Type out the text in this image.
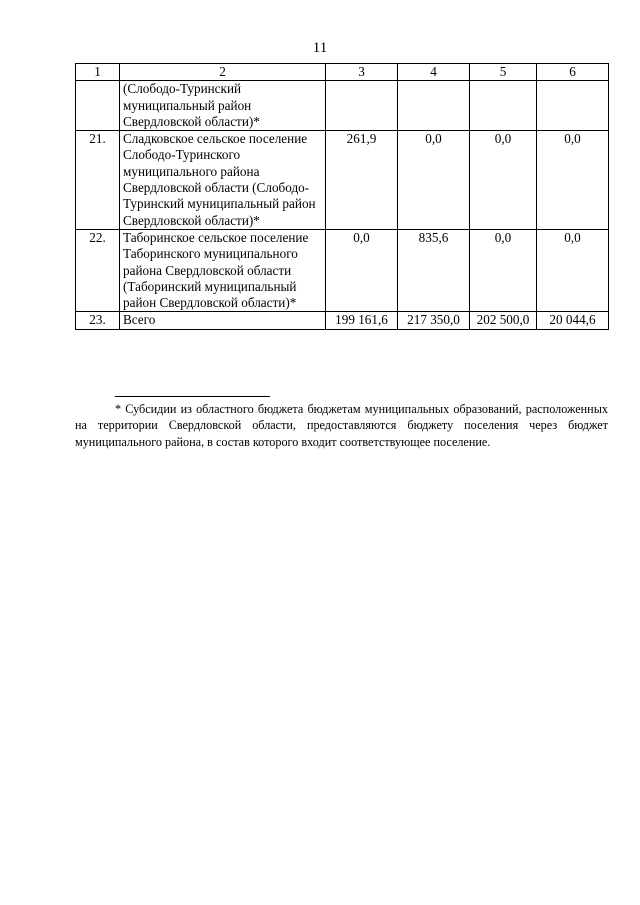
11
1	2	3	4	5	6
	(Слободо-Туринский муниципальный район Свердловской области)*				
21.	Сладковское сельское поселение Слободо-Туринского муниципального района Свердловской области (Слободо-Туринский муниципальный район Свердловской области)*	261,9	0,0	0,0	0,0
22.	Таборинское сельское поселение Таборинского муниципального района Свердловской области (Таборинский муниципальный район Свердловской области)*	0,0	835,6	0,0	0,0
23.	Всего	199 161,6	217 350,0	202 500,0	20 044,6
* Субсидии из областного бюджета бюджетам муниципальных образований, расположенных на территории Свердловской области, предоставляются бюджету поселения через бюджет муниципального района, в состав которого входит соответствующее поселение.
